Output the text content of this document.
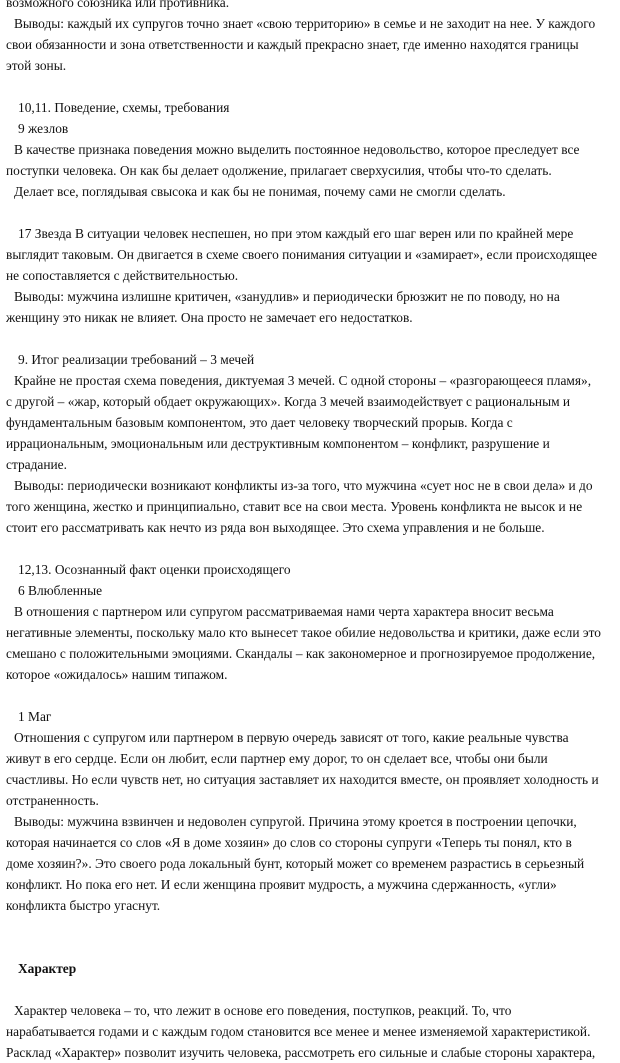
возможного союзника или противника.
Выводы: каждый их супругов точно знает «свою территорию» в семье и не заходит на нее. У каждого
свои обязанности и зона ответственности и каждый прекрасно знает, где именно находятся границы
этой зоны.
10,11. Поведение, схемы, требования
9 жезлов
В качестве признака поведения можно выделить постоянное недовольство, которое преследует все
поступки человека. Он как бы делает одолжение, прилагает сверхусилия, чтобы что-то сделать.
Делает все, поглядывая свысока и как бы не понимая, почему сами не смогли сделать.
17 Звезда В ситуации человек неспешен, но при этом каждый его шаг верен или по крайней мере
выглядит таковым. Он двигается в схеме своего понимания ситуации и «замирает», если происходящее
не сопоставляется с действительностью.
Выводы: мужчина излишне критичен, «занудлив» и периодически брюзжит не по поводу, но на
женщину это никак не влияет. Она просто не замечает его недостатков.
9. Итог реализации требований – 3 мечей
Крайне не простая схема поведения, диктуемая 3 мечей. С одной стороны – «разгорающееся пламя»,
с другой – «жар, который обдает окружающих». Когда 3 мечей взаимодействует с рациональным и
фундаментальным базовым компонентом, это дает человеку творческий прорыв. Когда с
иррациональным, эмоциональным или деструктивным компонентом – конфликт, разрушение и
страдание.
Выводы: периодически возникают конфликты из-за того, что мужчина «сует нос не в свои дела» и до
того женщина, жестко и принципиально, ставит все на свои места. Уровень конфликта не высок и не
стоит его рассматривать как нечто из ряда вон выходящее. Это схема управления и не больше.
12,13. Осознанный факт оценки происходящего
6 Влюбленные
В отношения с партнером или супругом рассматриваемая нами черта характера вносит весьма
негативные элементы, поскольку мало кто вынесет такое обилие недовольства и критики, даже если это
смешано с положительными эмоциями. Скандалы – как закономерное и прогнозируемое продолжение,
которое «ожидалось» нашим типажом.
1 Маг
Отношения с супругом или партнером в первую очередь зависят от того, какие реальные чувства
живут в его сердце. Если он любит, если партнер ему дорог, то он сделает все, чтобы они были
счастливы. Но если чувств нет, но ситуация заставляет их находится вместе, он проявляет холодность и
отстраненность.
Выводы: мужчина взвинчен и недоволен супругой. Причина этому кроется в построении цепочки,
которая начинается со слов «Я в доме хозяин» до слов со стороны супруги «Теперь ты понял, кто в
доме хозяин?». Это своего рода локальный бунт, который может со временем разрастись в серьезный
конфликт. Но пока его нет. И если женщина проявит мудрость, а мужчина сдержанность, «угли»
конфликта быстро угаснут.
Характер
Характер человека – то, что лежит в основе его поведения, поступков, реакций. То, что
нарабатывается годами и с каждым годом становится все менее и менее изменяемой характеристикой.
Расклад «Характер» позволит изучить человека, рассмотреть его сильные и слабые стороны характера,
